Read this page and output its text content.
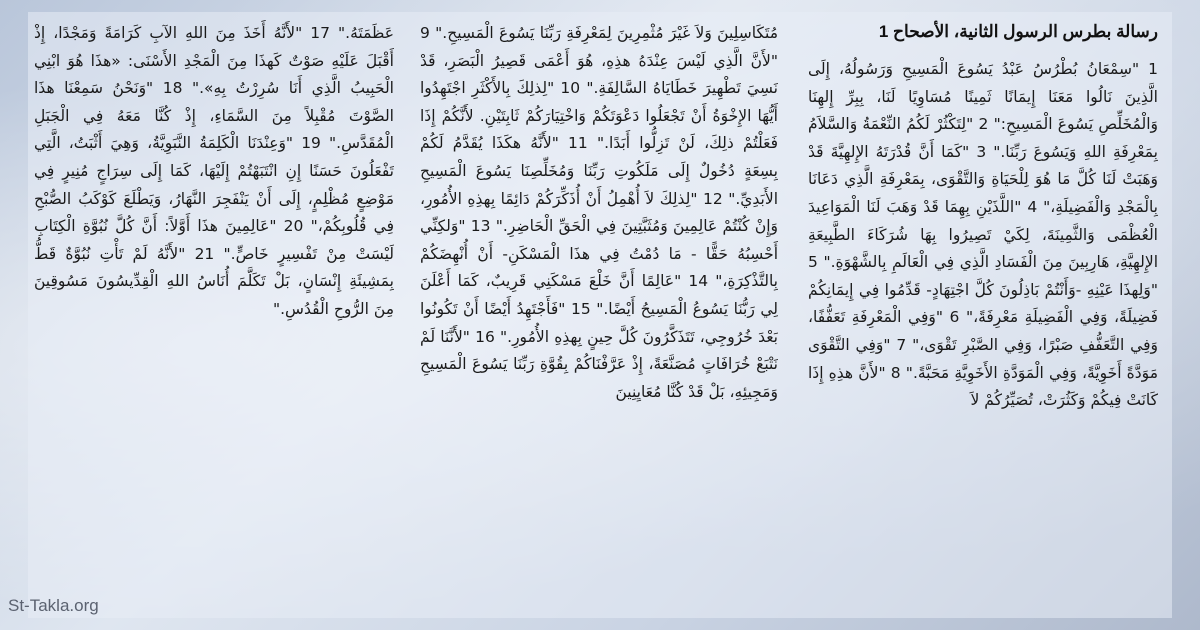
رسالة بطرس الرسول الثانية، الأصحاح 1
1 "سِمْعَانُ بُطْرُسُ عَبْدُ يَسُوعَ الْمَسِيحِ وَرَسُولُهُ، إِلَى الَّذِينَ نَالُوا مَعَنَا إِيمَانًا ثَمِينًا مُسَاوِيًا لَنَا، بِبِرِّ إِلهِنَا وَالْمُخَلِّصِ يَسُوعَ الْمَسِيحِ:" 2 "لِتَكْثُرْ لَكُمُ النِّعْمَةُ وَالسَّلاَمُ بِمَعْرِفَةِ اللهِ وَيَسُوعَ رَبِّنَا." 3 "كَمَا أَنَّ قُدْرَتَهُ الإِلهِيَّةَ قَدْ وَهَبَتْ لَنَا كُلَّ مَا هُوَ لِلْحَيَاةِ وَالتَّقْوَى، بِمَعْرِفَةِ الَّذِي دَعَانَا بِالْمَجْدِ وَالْفَضِيلَةِ،" 4 "اللَّذَيْنِ بِهِمَا قَدْ وَهَبَ لَنَا الْمَوَاعِيدَ الْعُظْمَى وَالثَّمِينَةَ، لِكَيْ تَصِيرُوا بِهَا شُرَكَاءَ الطَّبِيعَةِ الإِلهِيَّةِ، هَارِبِينَ مِنَ الْفَسَادِ الَّذِي فِي الْعَالَمِ بِالشَّهْوَةِ." 5 "وَلِهذَا عَيْنِهِ -وَأَنْتُمْ بَاذِلُونَ كُلَّ اجْتِهَادٍ- قَدِّمُوا فِي إِيمَانِكُمْ فَضِيلَةً، وَفِي الْفَضِيلَةِ مَعْرِفَةً،" 6 "وَفِي الْمَعْرِفَةِ تَعَفُّفًا، وَفِي التَّعَفُّفِ صَبْرًا، وَفِي الصَّبْرِ تَقْوَى،" 7 "وَفِي التَّقْوَى مَوَدَّةً أَخَوِيَّةً، وَفِي الْمَوَدَّةِ الأَخَوِيَّةِ مَحَبَّةً." 8 "لأَنَّ هذِهِ إِذَا كَانَتْ فِيكُمْ وَكَثُرَتْ، تُصَيِّرُكُمْ لاَ
مُتَكَاسِلِينَ وَلاَ غَيْرَ مُثْمِرِينَ لِمَعْرِفَةِ رَبِّنَا يَسُوعَ الْمَسِيحِ." 9 "لأَنَّ الَّذِي لَيْسَ عِنْدَهُ هذِهِ، هُوَ أَعْمَى قَصِيرُ الْبَصَرِ، قَدْ نَسِيَ تَطْهِيرَ خَطَايَاهُ السَّالِفَةِ." 10 "لِذلِكَ بِالأَكْثَرِ اجْتَهِدُوا أَيُّهَا الإِخْوَةُ أَنْ تَجْعَلُوا دَعْوَتَكُمْ وَاخْتِيَارَكُمْ ثَابِتَيْنِ. لأَنَّكُمْ إِذَا فَعَلْتُمْ ذلِكَ، لَنْ تَزِلُّوا أَبَدًا." 11 "لأَنَّهُ هكَذَا يُقَدَّمُ لَكُمْ بِسِعَةٍ دُخُولٌ إِلَى مَلَكُوتِ رَبِّنَا وَمُخَلِّصِنَا يَسُوعَ الْمَسِيحِ الأَبَدِيِّ." 12 "لِذلِكَ لاَ أُهْمِلُ أَنْ أُذَكِّرَكُمْ دَائِمًا بِهذِهِ الأُمُورِ، وَإِنْ كُنْتُمْ عَالِمِينَ وَمُثَبَّتِينَ فِي الْحَقِّ الْحَاضِرِ." 13 "وَلكِنِّي أَحْسِبُهُ حَقًّا - مَا دُمْتُ فِي هذَا الْمَسْكَنِ- أَنْ أُنْهِضَكُمْ بِالتَّذْكِرَةِ،" 14 "عَالِمًا أَنَّ خَلْعَ مَسْكَنِي قَرِيبٌ، كَمَا أَعْلَنَ لِي رَبُّنَا يَسُوعُ الْمَسِيحُ أَيْضًا." 15 "فَأَجْتَهِدُ أَيْضًا أَنْ تَكُونُوا بَعْدَ خُرُوجِي، تَتَذَكَّرُونَ كُلَّ حِينٍ بِهذِهِ الأُمُورِ." 16 "لأَنَّنَا لَمْ نَتْبَعْ خُرَافَاتٍ مُصَنَّعَةً، إِذْ عَرَّفْنَاكُمْ بِقُوَّةِ رَبِّنَا يَسُوعَ الْمَسِيحِ وَمَجِيئِهِ، بَلْ قَدْ كُنَّا مُعَايِنِينَ
عَظَمَتَهُ." 17 "لأَنَّهُ أَخَذَ مِنَ اللهِ الآبِ كَرَامَةً وَمَجْدًا، إِذْ أَقْبَلَ عَلَيْهِ صَوْتٌ كَهذَا مِنَ الْمَجْدِ الأَسْنَى: «هذَا هُوَ ابْنِي الْحَبِيبُ الَّذِي أَنَا سُرِرْتُ بِهِ»." 18 "وَنَحْنُ سَمِعْنَا هذَا الصَّوْتَ مُقْبِلاً مِنَ السَّمَاءِ، إِذْ كُنَّا مَعَهُ فِي الْجَبَلِ الْمُقَدَّسِ." 19 "وَعِنْدَنَا الْكَلِمَةُ النَّبَوِيَّةُ، وَهِيَ أَثْبَتُ، الَّتِي تَفْعَلُونَ حَسَنًا إِنِ انْتَبَهْتُمْ إِلَيْهَا، كَمَا إِلَى سِرَاجٍ مُنِيرٍ فِي مَوْضِعٍ مُظْلِمٍ، إِلَى أَنْ يَنْفَجِرَ النَّهَارُ، وَيَطْلَعَ كَوْكَبُ الصُّبْحِ فِي قُلُوبِكُمْ،" 20 "عَالِمِينَ هذَا أَوَّلاً: أَنَّ كُلَّ نُبُوَّةِ الْكِتَابِ لَيْسَتْ مِنْ تَفْسِيرٍ خَاصٍّ." 21 "لأَنَّهُ لَمْ تَأْتِ نُبُوَّةٌ قَطُّ بِمَشِيئَةِ إِنْسَانٍ، بَلْ تَكَلَّمَ أُنَاسُ اللهِ الْقِدِّيسُونَ مَسُوقِينَ مِنَ الرُّوحِ الْقُدُسِ."
St-Takla.org
